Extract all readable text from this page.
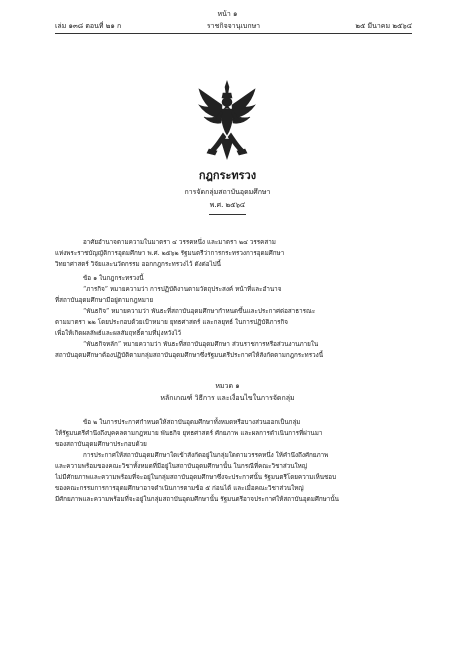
หน้า ๑
เล่ม ๑๓๘ ตอนที่ ๒๑ ก	ราชกิจจานุเบกษา	๒๕ มีนาคม ๒๕๖๔
กฎกระทรวง
การจัดกลุ่มสถาบันอุดมศึกษา
พ.ศ. ๒๕๖๔
อาศัยอำนาจตามความในมาตรา ๔ วรรคหนึ่ง และมาตรา ๒๔ วรรคสาม
แห่งพระราชบัญญัติการอุดมศึกษา พ.ศ. ๒๕๖๒ รัฐมนตรีว่าการกระทรวงการอุดมศึกษา
วิทยาศาสตร์ วิจัยและนวัตกรรม ออกกฎกระทรวงไว้ ดังต่อไปนี้
ข้อ ๑ ในกฎกระทรวงนี้
“ภารกิจ” หมายความว่า การปฏิบัติงานตามวัตถุประสงค์ หน้าที่และอำนาจ
ที่สถาบันอุดมศึกษามีอยู่ตามกฎหมาย
“พันธกิจ” หมายความว่า พันธะที่สถาบันอุดมศึกษากำหนดขึ้นและประกาศต่อสาธารณะ
ตามมาตรา ๒๒ โดยประกอบด้วยเป้าหมาย ยุทธศาสตร์ และกลยุทธ์ ในการปฏิบัติภารกิจ
เพื่อให้เกิดผลลัพธ์และผลสัมฤทธิ์ตามที่มุ่งหวังไว้
“พันธกิจหลัก” หมายความว่า พันธะที่สถาบันอุดมศึกษา ส่วนราชการหรือส่วนงานภายใน
สถาบันอุดมศึกษาต้องปฏิบัติตามกลุ่มสถาบันอุดมศึกษาซึ่งรัฐมนตรีประกาศให้สังกัดตามกฎกระทรวงนี้
หมวด ๑
หลักเกณฑ์ วิธีการ และเงื่อนไขในการจัดกลุ่ม
ข้อ ๒ ในการประกาศกำหนดให้สถาบันอุดมศึกษาทั้งหมดหรือบางส่วนออกเป็นกลุ่ม
ให้รัฐมนตรีคำนึงถึงบุคคลตามกฎหมาย พันธกิจ ยุทธศาสตร์ ศักยภาพ และผลการดำเนินการที่ผ่านมา
ของสถาบันอุดมศึกษาประกอบด้วย
การประกาศให้สถาบันอุดมศึกษาใดเข้าสังกัดอยู่ในกลุ่มใดตามวรรคหนึ่ง ให้คำนึงถึงศักยภาพ
และความพร้อมของคณะวิชาทั้งหมดที่มีอยู่ในสถาบันอุดมศึกษานั้น ในกรณีที่คณะวิชาส่วนใหญ่
ไม่มีศักยภาพและความพร้อมที่จะอยู่ในกลุ่มสถาบันอุดมศึกษาซึ่งจะประกาศนั้น รัฐมนตรีโดยความเห็นชอบ
ของคณะกรรมการการอุดมศึกษาอาจดำเนินการตามข้อ ๕ ก่อนได้ และเมื่อคณะวิชาส่วนใหญ่
มีศักยภาพและความพร้อมที่จะอยู่ในกลุ่มสถาบันอุดมศึกษานั้น รัฐมนตรีอาจประกาศให้สถาบันอุดมศึกษานั้น
